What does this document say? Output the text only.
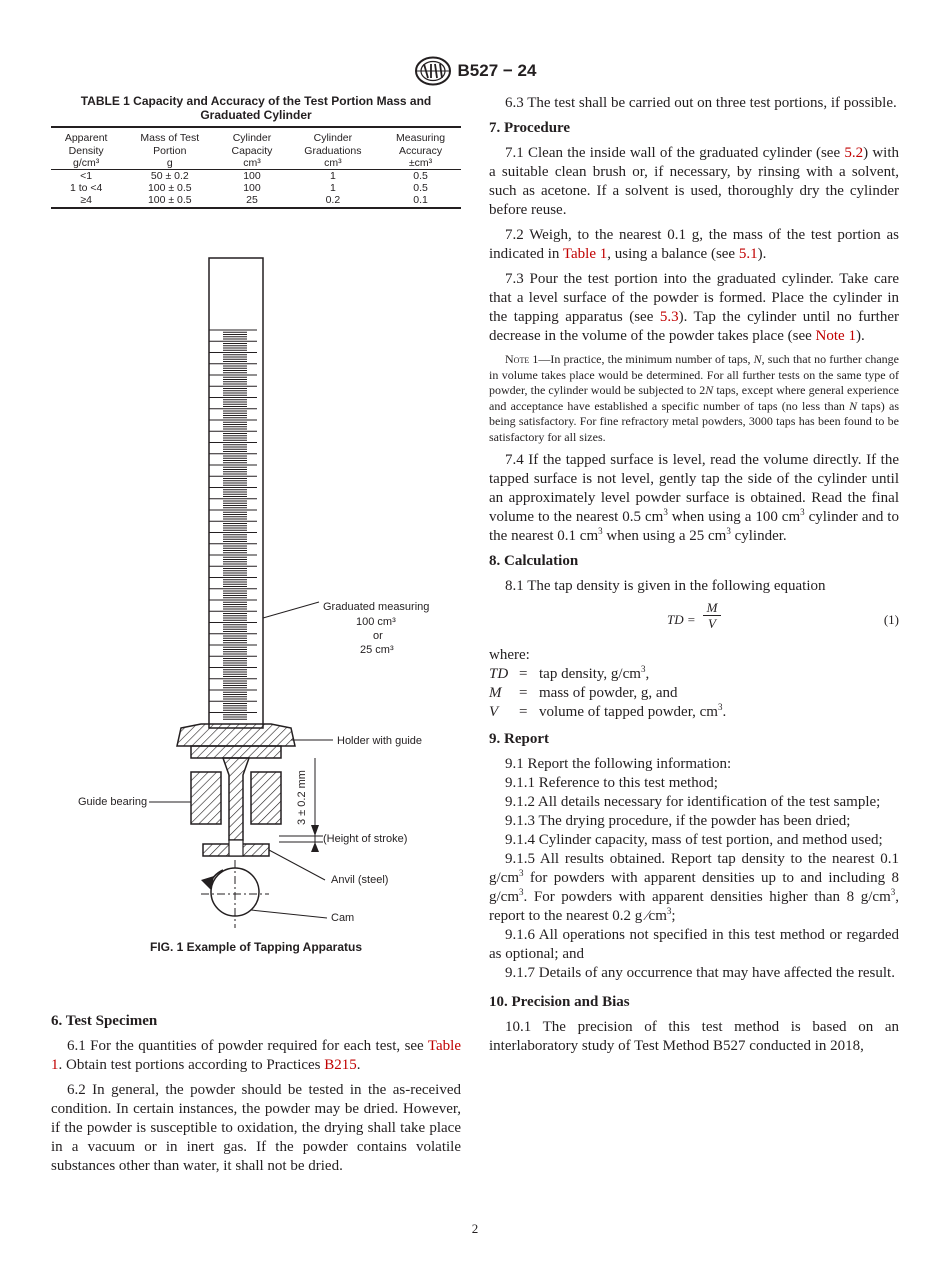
B527 − 24
TABLE 1 Capacity and Accuracy of the Test Portion Mass and Graduated Cylinder
Apparent	Mass of Test	Cylinder	Cylinder	Measuring
Density	Portion	Capacity	Graduations	Accuracy
g/cm³	g	cm³	cm³	±cm³
<1	50 ± 0.2	100	1	0.5
1 to <4	100 ± 0.5	100	1	0.5
≥4	100 ± 0.5	25	0.2	0.1
3 ± 0.2 mm
Graduated measuring
100 cm³
or
25 cm³
Holder with guide
Guide bearing
(Height of stroke)
Anvil (steel)
Cam
FIG. 1 Example of Tapping Apparatus
6. Test Specimen

6.1 For the quantities of powder required for each test, see Table 1. Obtain test portions according to Practices B215.

6.2 In general, the powder should be tested in the as-received condition. In certain instances, the powder may be dried. However, if the powder is susceptible to oxidation, the drying shall take place in a vacuum or in inert gas. If the powder contains volatile substances other than water, it shall not be dried.

6.3 The test shall be carried out on three test portions, if possible.

7. Procedure

7.1 Clean the inside wall of the graduated cylinder (see 5.2) with a suitable clean brush or, if necessary, by rinsing with a solvent, such as acetone. If a solvent is used, thoroughly dry the cylinder before reuse.

7.2 Weigh, to the nearest 0.1 g, the mass of the test portion as indicated in Table 1, using a balance (see 5.1).

7.3 Pour the test portion into the graduated cylinder. Take care that a level surface of the powder is formed. Place the cylinder in the tapping apparatus (see 5.3). Tap the cylinder until no further decrease in the volume of the powder takes place (see Note 1).

Note 1—In practice, the minimum number of taps, N, such that no further change in volume takes place would be determined. For all further tests on the same type of powder, the cylinder would be subjected to 2N taps, except where general experience and acceptance have established a specific number of taps (no less than N taps) as being satisfactory. For fine refractory metal powders, 3000 taps has been found to be satisfactory for all sizes.

7.4 If the tapped surface is level, read the volume directly. If the tapped surface is not level, gently tap the side of the cylinder until an approximately level powder surface is obtained. Read the final volume to the nearest 0.5 $cm^3$ when using a 100 $cm^3$ cylinder and to the nearest 0.1 $cm^3$ when using a 25 $cm^3$ cylinder.

8. Calculation

8.1 The tap density is given in the following equation

TD = $\frac{M}{V}$	(1)
where:
TD = tap density, $g/cm^3$,
M	= mass of powder, g, and
V	= volume of tapped powder, $cm^3$.
9. Report

9.1 Report the following information:

9.1.1 Reference to this test method;

9.1.2 All details necessary for identification of the test sample;

9.1.3 The drying procedure, if the powder has been dried;

9.1.4 Cylinder capacity, mass of test portion, and method used;

9.1.5 All results obtained. Report tap density to the nearest 0.1 $g/cm^3$ for powders with apparent densities up to and including 8 $g/cm^3$. For powders with apparent densities higher than 8 $g/cm^3$, report to the nearest 0.2 g $⁄cm^3$;

9.1.6 All operations not specified in this test method or regarded as optional; and

9.1.7 Details of any occurrence that may have affected the result.

10. Precision and Bias

10.1 The precision of this test method is based on an interlaboratory study of Test Method B527 conducted in 2018,

2
